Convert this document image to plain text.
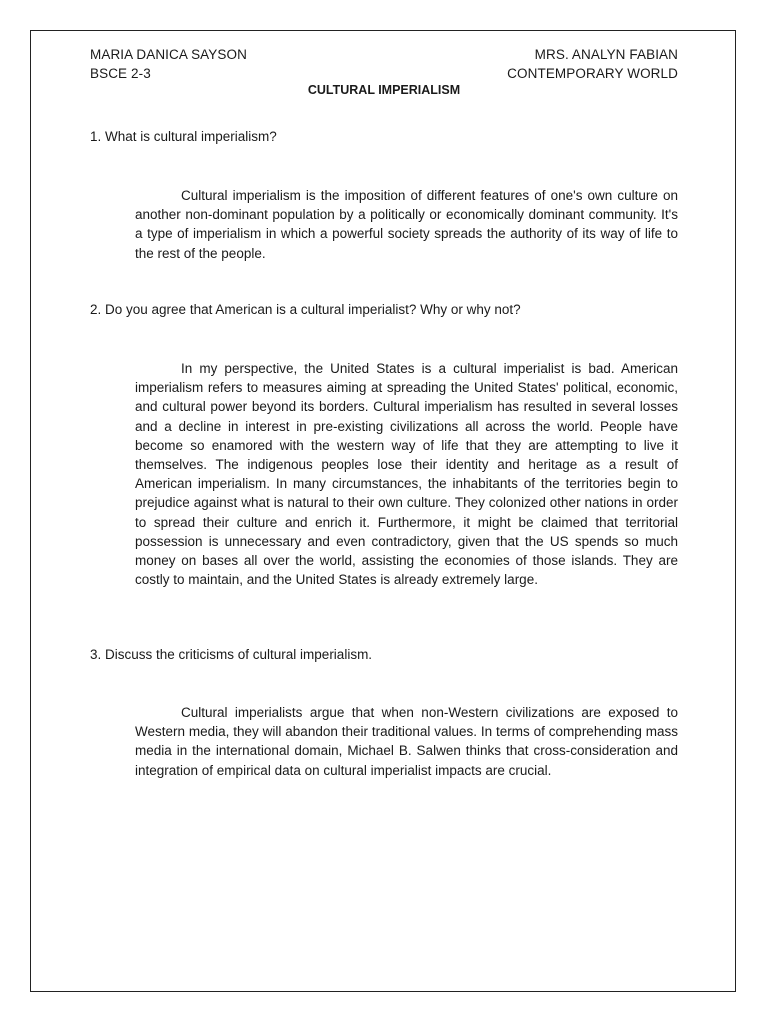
MARIA DANICA SAYSON
BSCE 2-3
MRS. ANALYN FABIAN
CONTEMPORARY WORLD
CULTURAL IMPERIALISM
1. What is cultural imperialism?

Cultural imperialism is the imposition of different features of one's own culture on another non-dominant population by a politically or economically dominant community. It's a type of imperialism in which a powerful society spreads the authority of its way of life to the rest of the people.

2. Do you agree that American is a cultural imperialist? Why or why not?

In my perspective, the United States is a cultural imperialist is bad. American imperialism refers to measures aiming at spreading the United States' political, economic, and cultural power beyond its borders. Cultural imperialism has resulted in several losses and a decline in interest in pre-existing civilizations all across the world. People have become so enamored with the western way of life that they are attempting to live it themselves. The indigenous peoples lose their identity and heritage as a result of American imperialism. In many circumstances, the inhabitants of the territories begin to prejudice against what is natural to their own culture. They colonized other nations in order to spread their culture and enrich it. Furthermore, it might be claimed that territorial possession is unnecessary and even contradictory, given that the US spends so much money on bases all over the world, assisting the economies of those islands. They are costly to maintain, and the United States is already extremely large.

3. Discuss the criticisms of cultural imperialism.

Cultural imperialists argue that when non-Western civilizations are exposed to Western media, they will abandon their traditional values. In terms of comprehending mass media in the international domain, Michael B. Salwen thinks that cross-consideration and integration of empirical data on cultural imperialist impacts are crucial.
